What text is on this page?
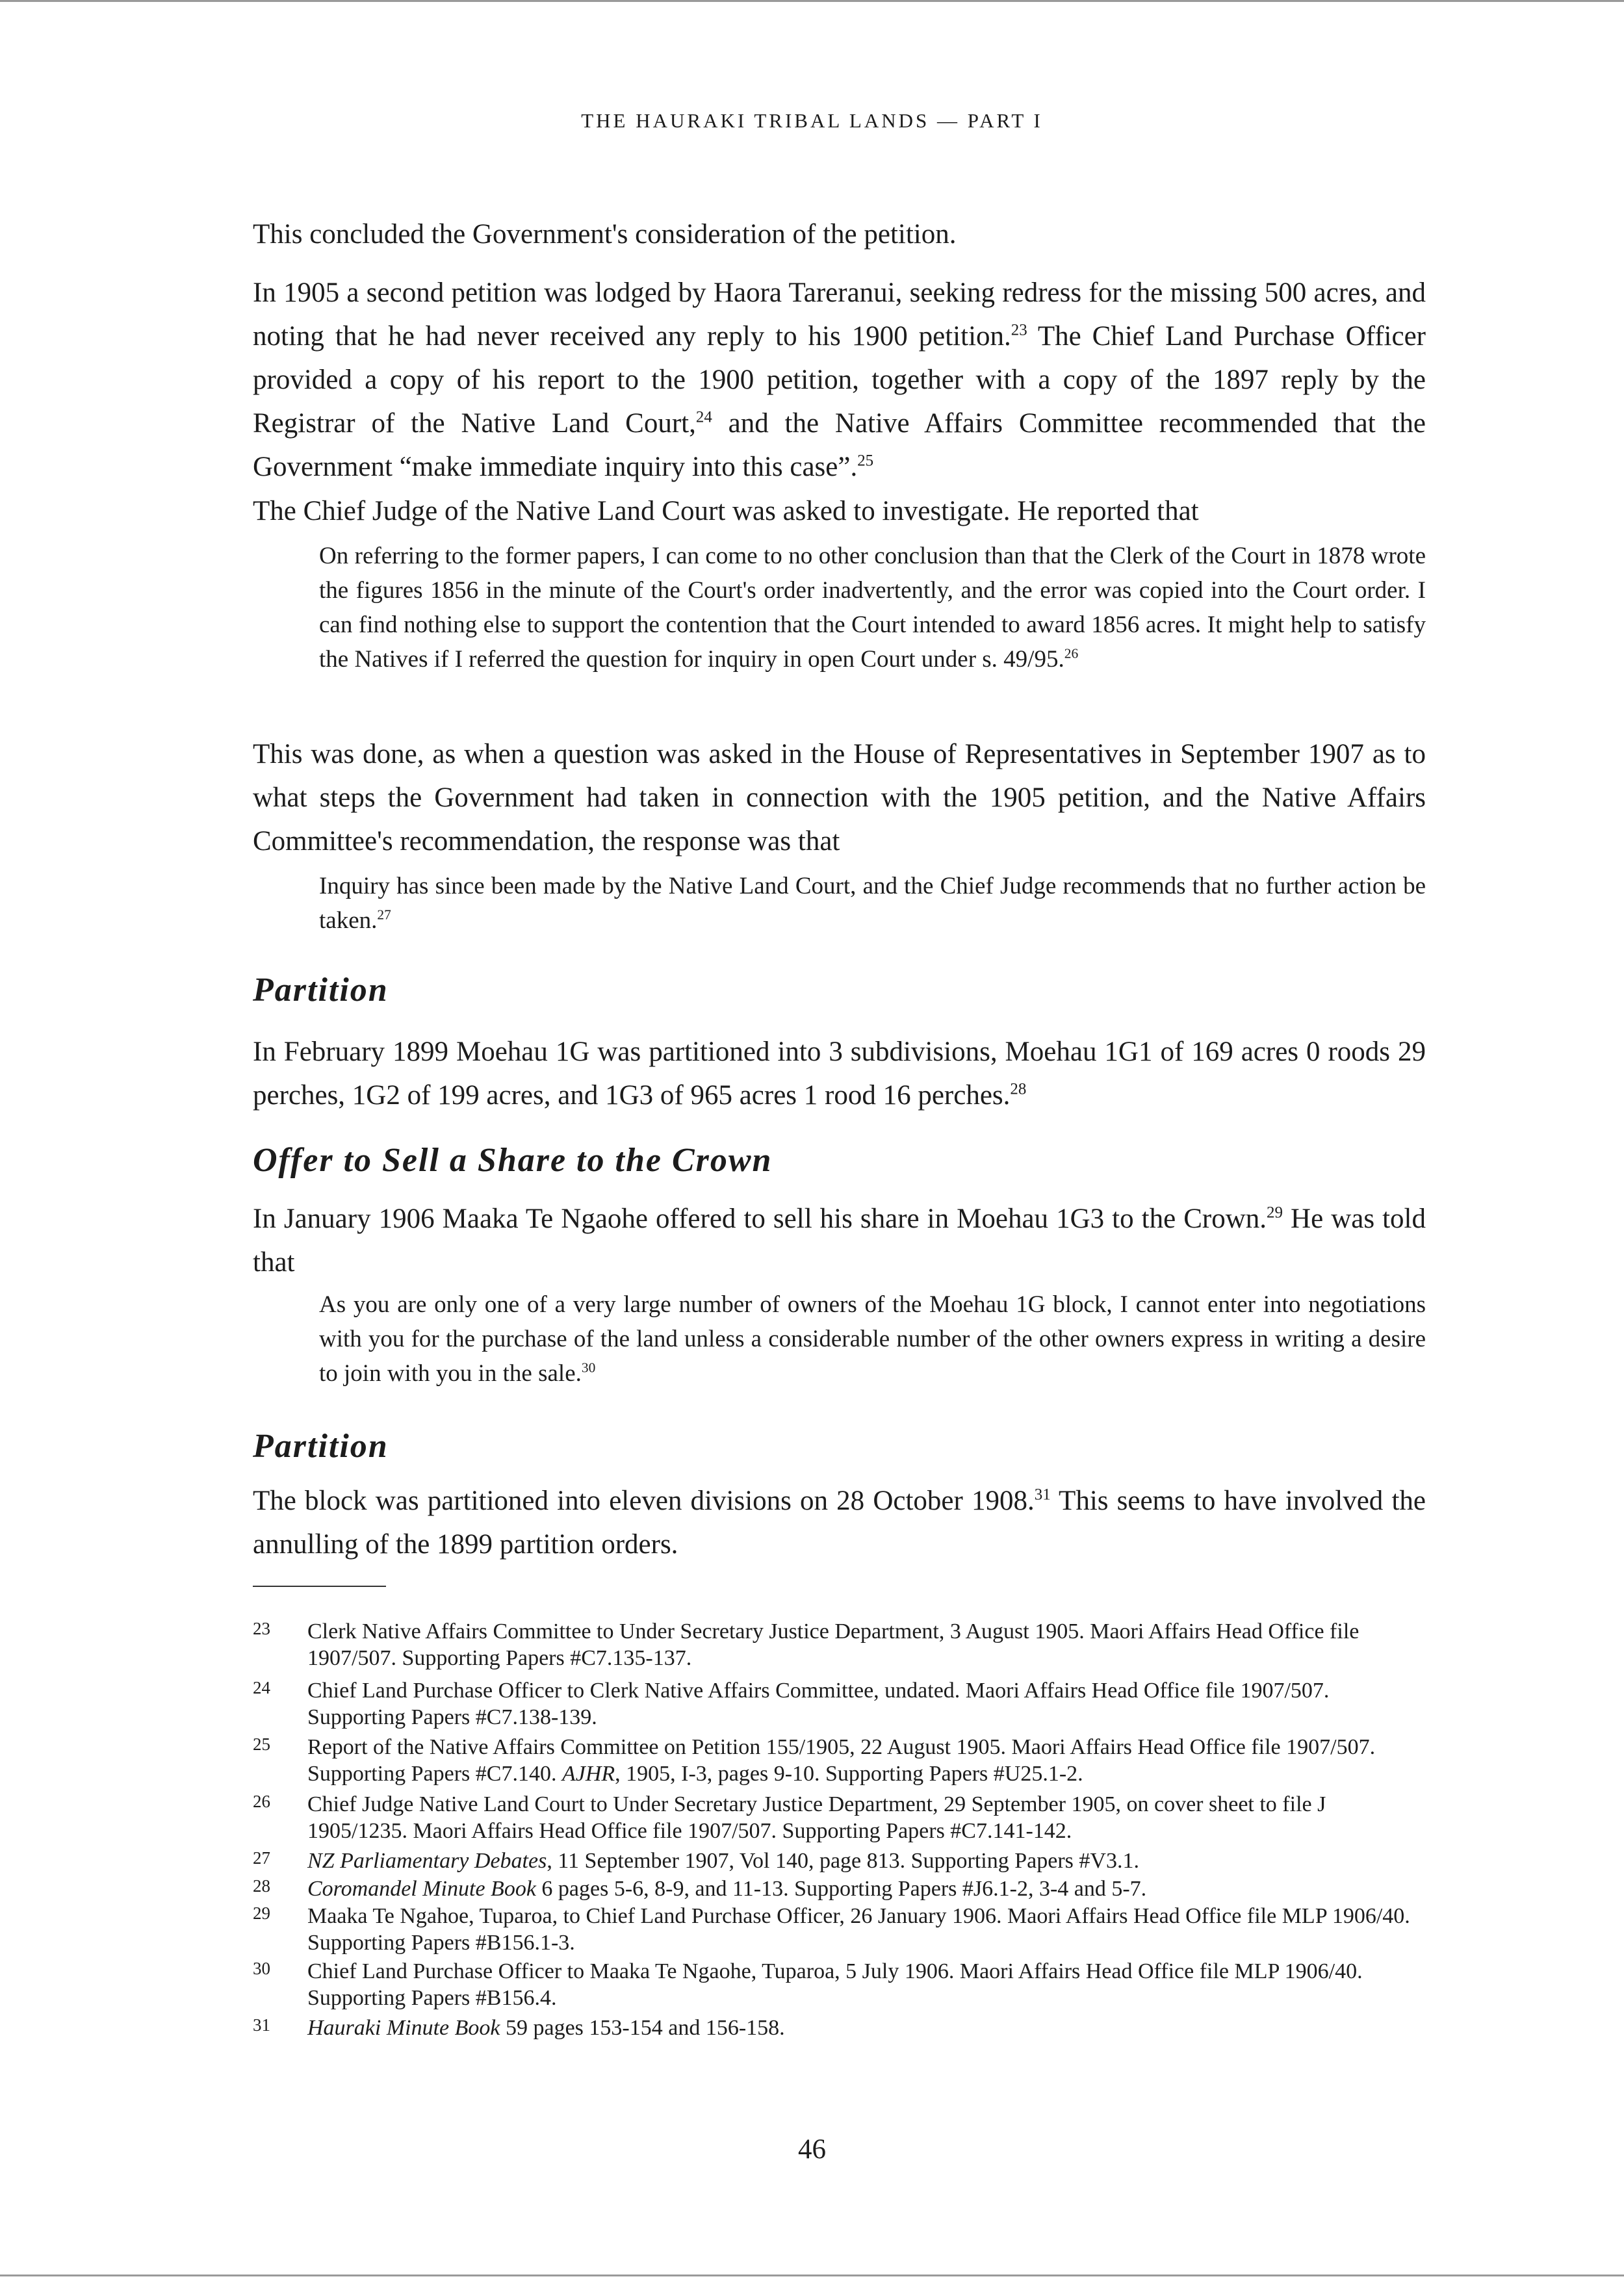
THE HAURAKI TRIBAL LANDS — PART I

This concluded the Government's consideration of the petition.

In 1905 a second petition was lodged by Haora Tareranui, seeking redress for the missing 500 acres, and noting that he had never received any reply to his 1900 petition.$^{23}$ The Chief Land Purchase Officer provided a copy of his report to the 1900 petition, together with a copy of the 1897 reply by the Registrar of the Native Land Court,$^{24}$ and the Native Affairs Committee recommended that the Government “make immediate inquiry into this case”.$^{25}$

The Chief Judge of the Native Land Court was asked to investigate. He reported that

On referring to the former papers, I can come to no other conclusion than that the Clerk of the Court in 1878 wrote the figures 1856 in the minute of the Court's order inadvertently, and the error was copied into the Court order. I can find nothing else to support the contention that the Court intended to award 1856 acres. It might help to satisfy the Natives if I referred the question for inquiry in open Court under s. 49/95.26

This was done, as when a question was asked in the House of Representatives in September 1907 as to what steps the Government had taken in connection with the 1905 petition, and the Native Affairs Committee's recommendation, the response was that

Inquiry has since been made by the Native Land Court, and the Chief Judge recommends that no further action be taken.$^{27}$

Partition

In February 1899 Moehau 1G was partitioned into 3 subdivisions, Moehau 1G1 of 169 acres 0 roods 29 perches, 1G2 of 199 acres, and 1G3 of 965 acres 1 rood 16 perches.$^{28}$

Offer to Sell a Share to the Crown

In January 1906 Maaka Te Ngaohe offered to sell his share in Moehau 1G3 to the Crown.$^{29}$ He was told that

As you are only one of a very large number of owners of the Moehau 1G block, I cannot enter into negotiations with you for the purchase of the land unless a considerable number of the other owners express in writing a desire to join with you in the sale.$^{30}$

Partition

The block was partitioned into eleven divisions on 28 October 1908.31 This seems to have involved the annulling of the 1899 partition orders.

23 Clerk Native Affairs Committee to Under Secretary Justice Department, 3 August 1905. Maori Affairs Head Office file 1907/507. Supporting Papers #C7.135-137.
24 Chief Land Purchase Officer to Clerk Native Affairs Committee, undated. Maori Affairs Head Office file 1907/507. Supporting Papers #C7.138-139.
25 Report of the Native Affairs Committee on Petition 155/1905, 22 August 1905. Maori Affairs Head Office file 1907/507. Supporting Papers #C7.140. AJHR, 1905, I-3, pages 9-10. Supporting Papers #U25.1-2.
26 Chief Judge Native Land Court to Under Secretary Justice Department, 29 September 1905, on cover sheet to file J 1905/1235. Maori Affairs Head Office file 1907/507. Supporting Papers #C7.141-142.
27 NZ Parliamentary Debates, 11 September 1907, Vol 140, page 813. Supporting Papers #V3.1.
28 Coromandel Minute Book 6 pages 5-6, 8-9, and 11-13. Supporting Papers #J6.1-2, 3-4 and 5-7.
29 Maaka Te Ngahoe, Tuparoa, to Chief Land Purchase Officer, 26 January 1906. Maori Affairs Head Office file MLP 1906/40. Supporting Papers #B156.1-3.
30 Chief Land Purchase Officer to Maaka Te Ngaohe, Tuparoa, 5 July 1906. Maori Affairs Head Office file MLP 1906/40. Supporting Papers #B156.4.
31 Hauraki Minute Book 59 pages 153-154 and 156-158.
46
